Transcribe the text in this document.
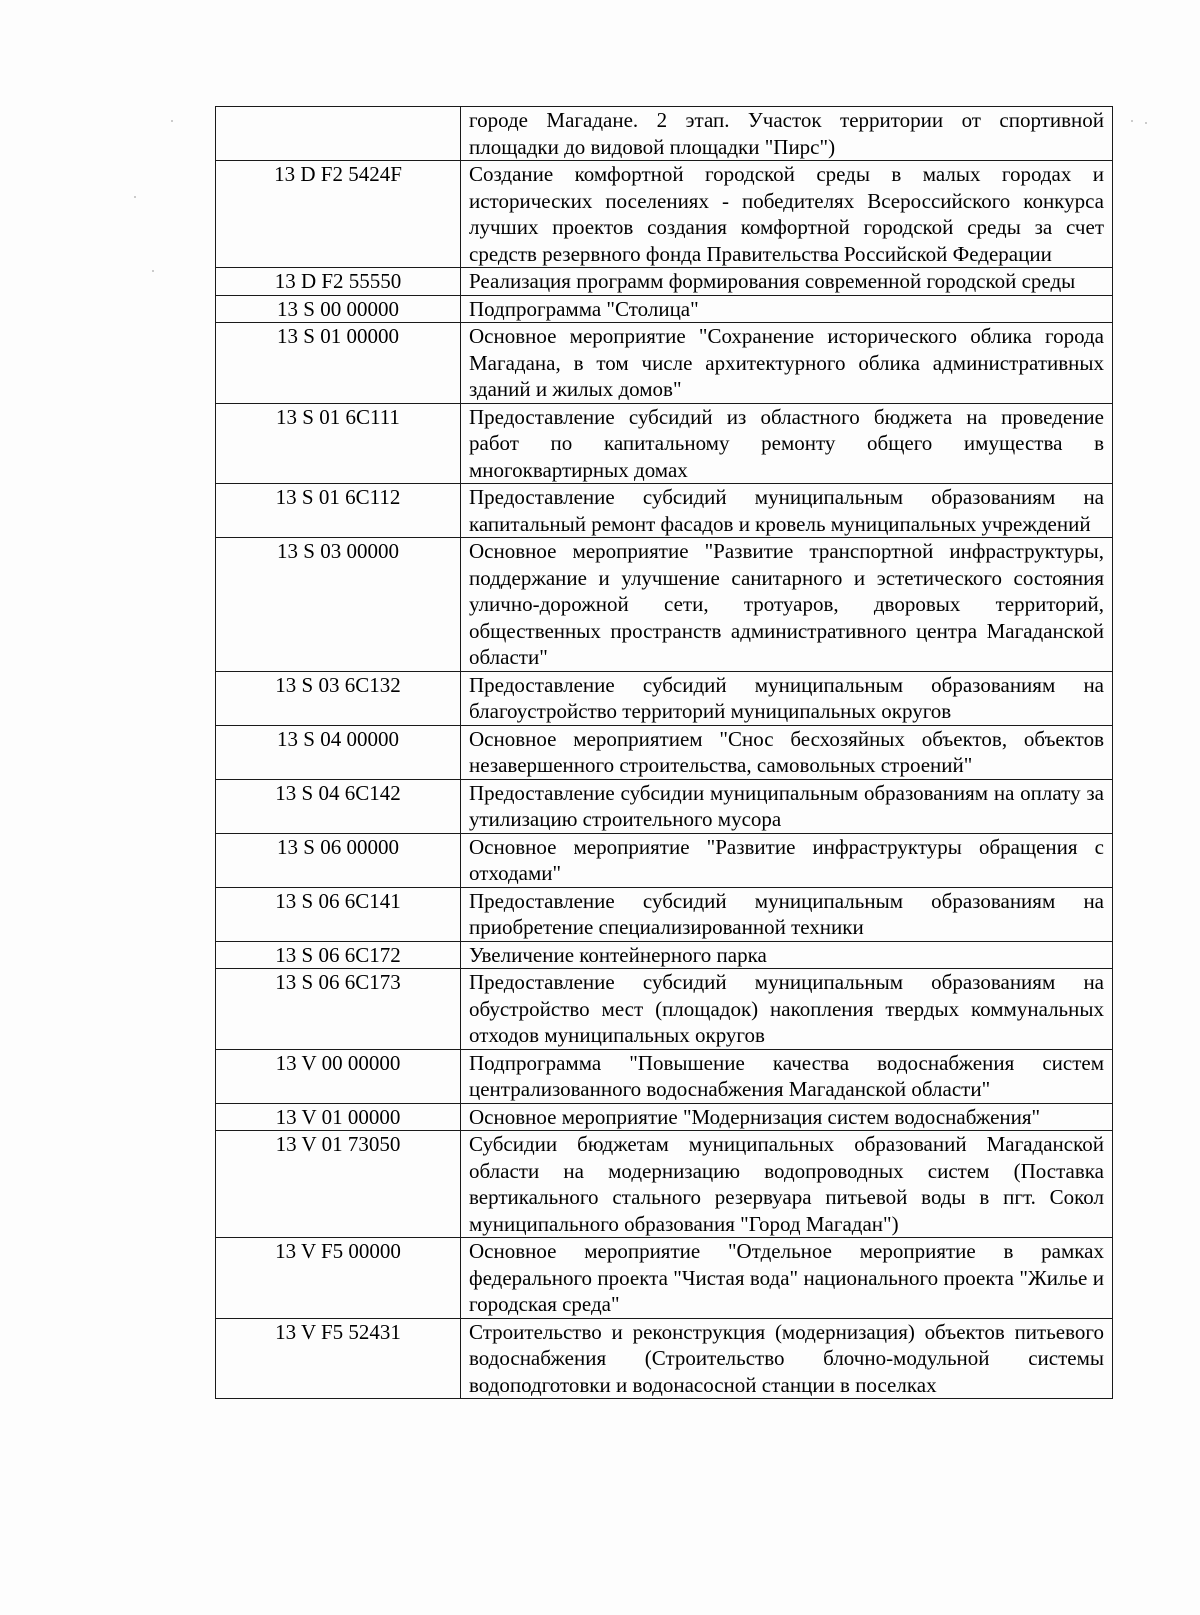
	городе Магадане. 2 этап. Участок территории от спортивной площадки до видовой площадки "Пирс")
13 D F2 5424F	Создание комфортной городской среды в малых городах и исторических поселениях - победителях Всероссийского конкурса лучших проектов создания комфортной городской среды за счет средств резервного фонда Правительства Российской Федерации
13 D F2 55550	Реализация программ формирования современной городской среды
13 S 00 00000	Подпрограмма "Столица"
13 S 01 00000	Основное мероприятие "Сохранение исторического облика города Магадана, в том числе архитектурного облика административных зданий и жилых домов"
13 S 01 6C111	Предоставление субсидий из областного бюджета на проведение работ по капитальному ремонту общего имущества в многоквартирных домах
13 S 01 6C112	Предоставление субсидий муниципальным образованиям на капитальный ремонт фасадов и кровель муниципальных учреждений
13 S 03 00000	Основное мероприятие "Развитие транспортной инфраструктуры, поддержание и улучшение санитарного и эстетического состояния улично-дорожной сети, тротуаров, дворовых территорий, общественных пространств административного центра Магаданской области"
13 S 03 6C132	Предоставление субсидий муниципальным образованиям на благоустройство территорий муниципальных округов
13 S 04 00000	Основное мероприятием "Снос бесхозяйных объектов, объектов незавершенного строительства, самовольных строений"
13 S 04 6C142	Предоставление субсидии муниципальным образованиям на оплату за утилизацию строительного мусора
13 S 06 00000	Основное мероприятие "Развитие инфраструктуры обращения с отходами"
13 S 06 6C141	Предоставление субсидий муниципальным образованиям на приобретение специализированной техники
13 S 06 6C172	Увеличение контейнерного парка
13 S 06 6C173	Предоставление субсидий муниципальным образованиям на обустройство мест (площадок) накопления твердых коммунальных отходов муниципальных округов
13 V 00 00000	Подпрограмма "Повышение качества водоснабжения систем централизованного водоснабжения Магаданской области"
13 V 01 00000	Основное мероприятие "Модернизация систем водоснабжения"
13 V 01 73050	Субсидии бюджетам муниципальных образований Магаданской области на модернизацию водопроводных систем (Поставка вертикального стального резервуара питьевой воды в пгт. Сокол муниципального образования "Город Магадан")
13 V F5 00000	Основное мероприятие "Отдельное мероприятие в рамках федерального проекта "Чистая вода" национального проекта "Жилье и городская среда"
13 V F5 52431	Строительство и реконструкция (модернизация) объектов питьевого водоснабжения (Строительство блочно-модульной системы водоподготовки и водонасосной станции в поселках
